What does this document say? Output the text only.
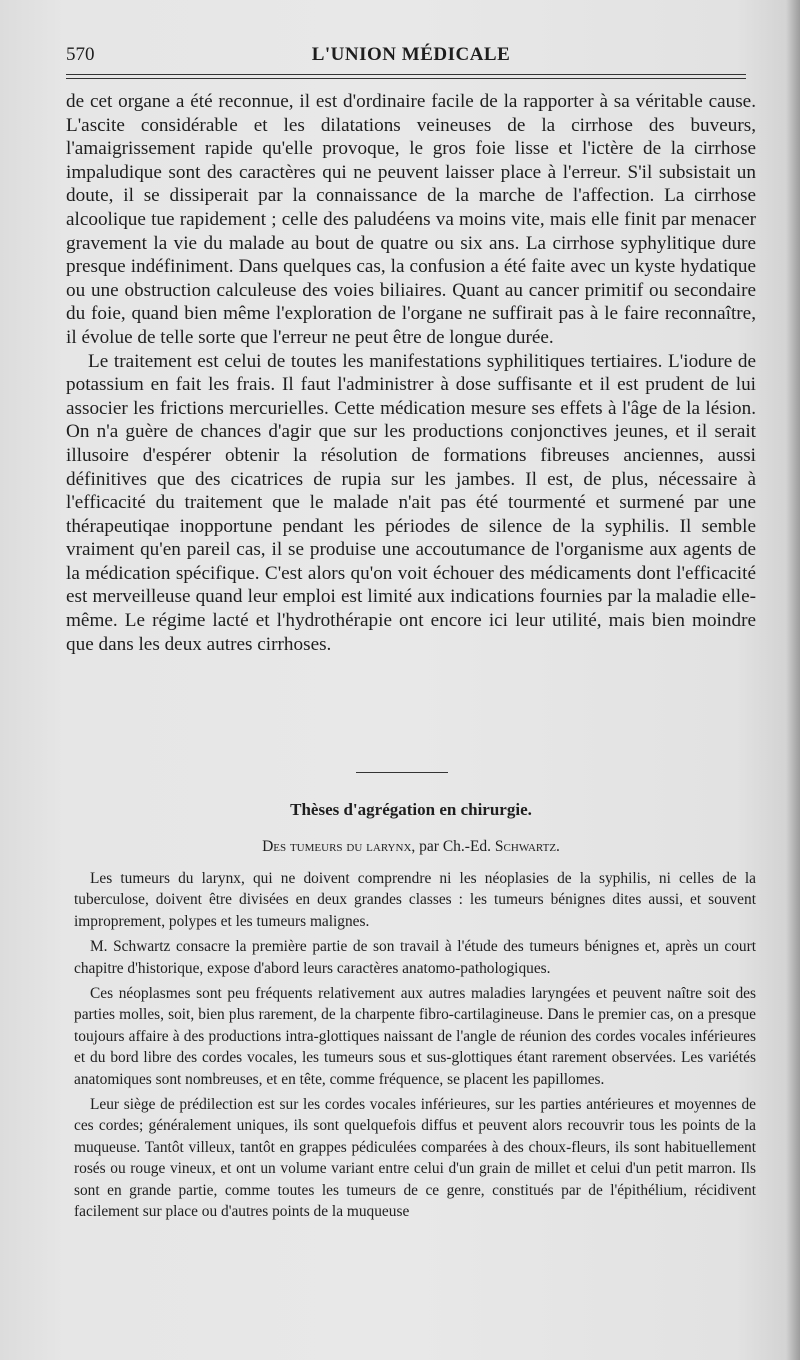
570	L'UNION MÉDICALE

de cet organe a été reconnue, il est d'ordinaire facile de la rapporter à sa véritable cause. L'ascite considérable et les dilatations veineuses de la cirrhose des buveurs, l'amaigrissement rapide qu'elle provoque, le gros foie lisse et l'ictère de la cirrhose impaludique sont des caractères qui ne peuvent laisser place à l'erreur. S'il subsistait un doute, il se dissiperait par la connaissance de la marche de l'affection. La cirrhose alcoolique tue rapidement ; celle des paludéens va moins vite, mais elle finit par menacer gravement la vie du malade au bout de quatre ou six ans. La cirrhose syphylitique dure presque indéfiniment. Dans quelques cas, la confusion a été faite avec un kyste hydatique ou une obstruction calculeuse des voies biliaires. Quant au cancer primitif ou secondaire du foie, quand bien même l'exploration de l'organe ne suffirait pas à le faire reconnaître, il évolue de telle sorte que l'erreur ne peut être de longue durée.

Le traitement est celui de toutes les manifestations syphilitiques tertiaires. L'iodure de potassium en fait les frais. Il faut l'administrer à dose suffisante et il est prudent de lui associer les frictions mercurielles. Cette médication mesure ses effets à l'âge de la lésion. On n'a guère de chances d'agir que sur les productions conjonctives jeunes, et il serait illusoire d'espérer obtenir la résolution de formations fibreuses anciennes, aussi définitives que des cicatrices de rupia sur les jambes. Il est, de plus, nécessaire à l'efficacité du traitement que le malade n'ait pas été tourmenté et surmené par une thérapeutiqae inopportune pendant les périodes de silence de la syphilis. Il semble vraiment qu'en pareil cas, il se produise une accoutumance de l'organisme aux agents de la médication spécifique. C'est alors qu'on voit échouer des médicaments dont l'efficacité est merveilleuse quand leur emploi est limité aux indications fournies par la maladie elle-même. Le régime lacté et l'hydrothérapie ont encore ici leur utilité, mais bien moindre que dans les deux autres cirrhoses.

Thèses d'agrégation en chirurgie.
Des tumeurs du larynx, par Ch.-Ed. Schwartz.

Les tumeurs du larynx, qui ne doivent comprendre ni les néoplasies de la syphilis, ni celles de la tuberculose, doivent être divisées en deux grandes classes : les tumeurs bénignes dites aussi, et souvent improprement, polypes et les tumeurs malignes.

M. Schwartz consacre la première partie de son travail à l'étude des tumeurs bénignes et, après un court chapitre d'historique, expose d'abord leurs caractères anatomo-pathologiques.

Ces néoplasmes sont peu fréquents relativement aux autres maladies laryngées et peuvent naître soit des parties molles, soit, bien plus rarement, de la charpente fibro-cartilagineuse. Dans le premier cas, on a presque toujours affaire à des productions intra-glottiques naissant de l'angle de réunion des cordes vocales inférieures et du bord libre des cordes vocales, les tumeurs sous et sus-glottiques étant rarement observées. Les variétés anatomiques sont nombreuses, et en tête, comme fréquence, se placent les papillomes.

Leur siège de prédilection est sur les cordes vocales inférieures, sur les parties antérieures et moyennes de ces cordes; généralement uniques, ils sont quelquefois diffus et peuvent alors recouvrir tous les points de la muqueuse. Tantôt villeux, tantôt en grappes pédiculées comparées à des choux-fleurs, ils sont habituellement rosés ou rouge vineux, et ont un volume variant entre celui d'un grain de millet et celui d'un petit marron. Ils sont en grande partie, comme toutes les tumeurs de ce genre, constitués par de l'épithélium, récidivent facilement sur place ou d'autres points de la muqueuse
